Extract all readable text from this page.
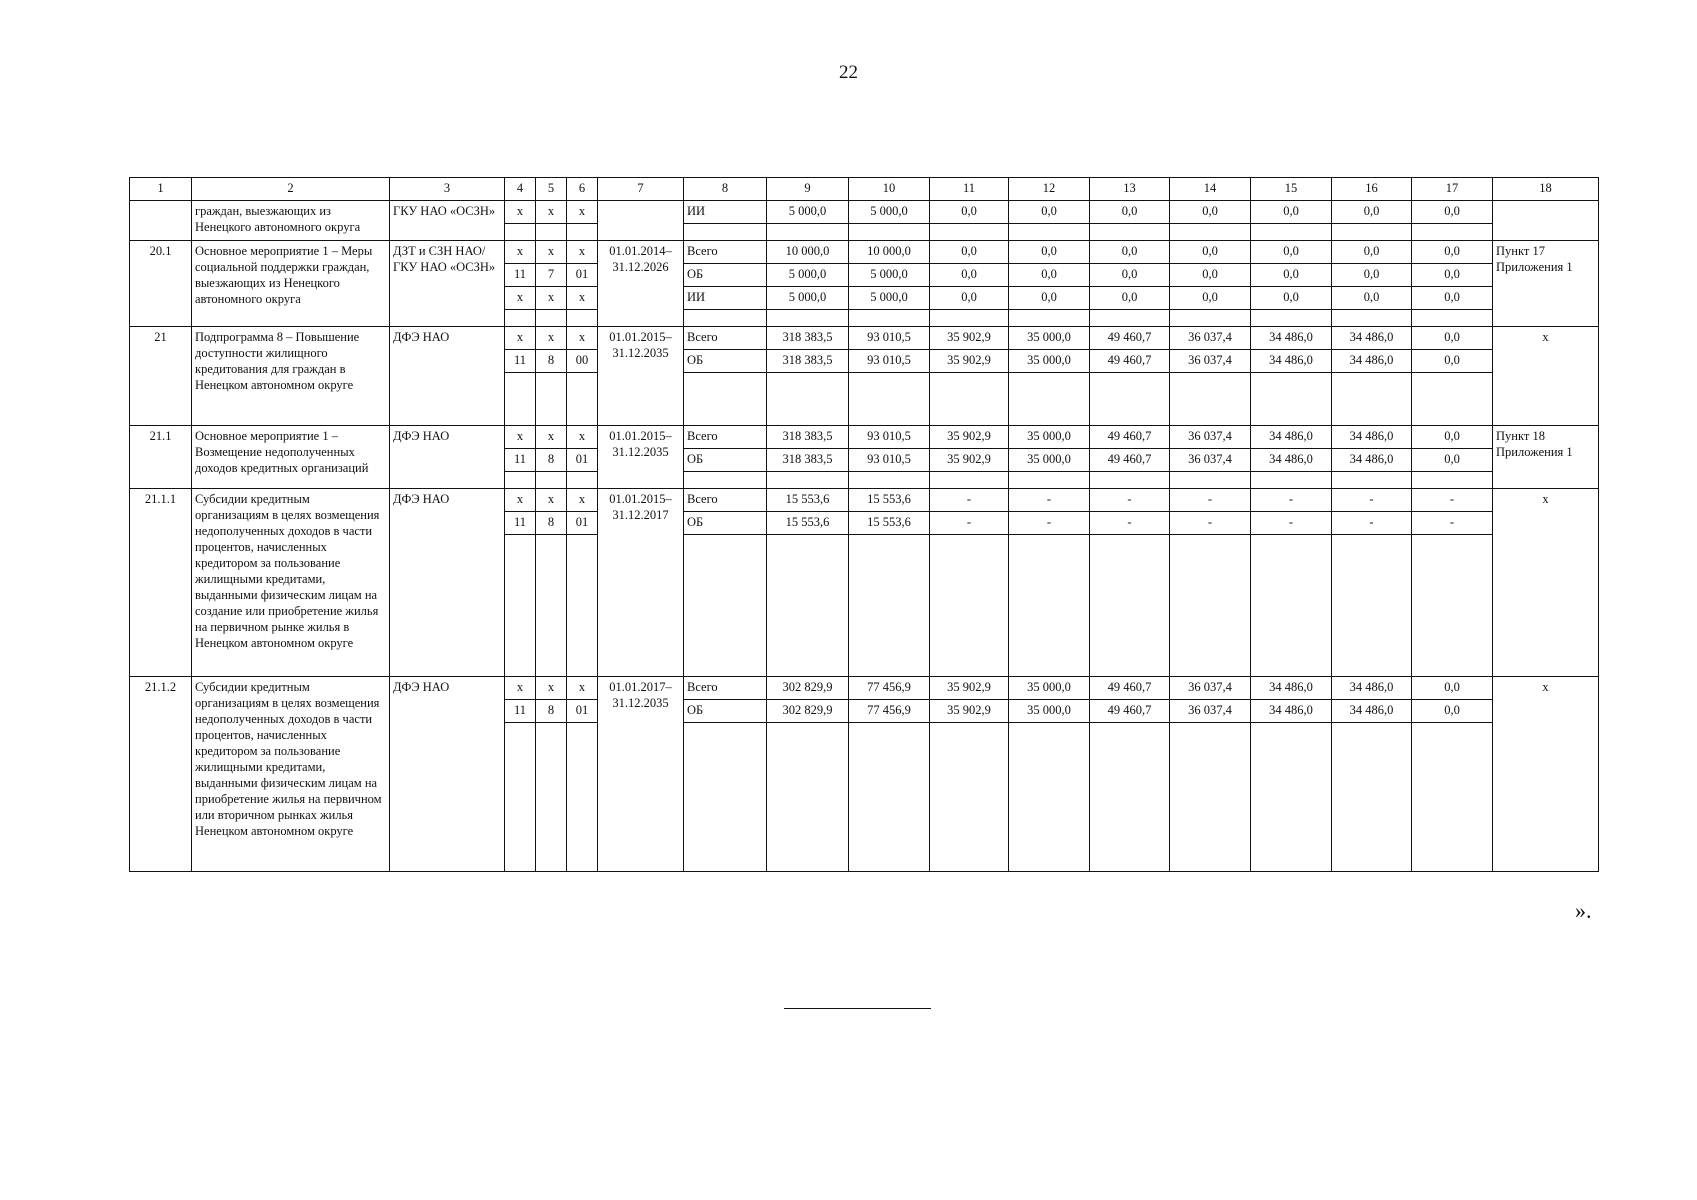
22
1	2	3	4	5	6	7	8	9	10	11	12	13	14	15	16	17	18	
	граждан, выезжающих из Ненецкого автономного округа	ГКУ НАО «ОСЗН»	х	х	х		ИИ	5 000,0	5 000,0	0,0	0,0	0,0	0,0	0,0	0,0	0,0		

20.1	Основное мероприятие 1 – Меры социальной поддержки граждан, выезжающих из Ненецкого автономного округа	ДЗТ и СЗН НАО/ ГКУ НАО «ОСЗН»	х	х	х	01.01.2014– 31.12.2026	Всего	10 000,0	10 000,0	0,0	0,0	0,0	0,0	0,0	0,0	0,0	Пункт 17 Приложения 1	
			11	7	01		ОБ	5 000,0	5 000,0	0,0	0,0	0,0	0,0	0,0	0,0	0,0		
			х	х	х		ИИ	5 000,0	5 000,0	0,0	0,0	0,0	0,0	0,0	0,0	0,0		

21	Подпрограмма 8 – Повышение доступности жилищного кредитования для граждан в Ненецком автономном округе	ДФЭ НАО	х	х	х	01.01.2015– 31.12.2035	Всего	318 383,5	93 010,5	35 902,9	35 000,0	49 460,7	36 037,4	34 486,0	34 486,0	0,0	х	
			11	8	00		ОБ	318 383,5	93 010,5	35 902,9	35 000,0	49 460,7	36 037,4	34 486,0	34 486,0	0,0		

21.1	Основное мероприятие 1 – Возмещение недополученных доходов кредитных организаций	ДФЭ НАО	х	х	х	01.01.2015– 31.12.2035	Всего	318 383,5	93 010,5	35 902,9	35 000,0	49 460,7	36 037,4	34 486,0	34 486,0	0,0	Пункт 18 Приложения 1	
			11	8	01		ОБ	318 383,5	93 010,5	35 902,9	35 000,0	49 460,7	36 037,4	34 486,0	34 486,0	0,0		

21.1.1	Субсидии кредитным организациям в целях возмещения недополученных доходов в части процентов, начисленных кредитором за пользование жилищными кредитами, выданными физическим лицам на создание или приобретение жилья на первичном рынке жилья в Ненецком автономном округе	ДФЭ НАО	х	х	х	01.01.2015– 31.12.2017	Всего	15 553,6	15 553,6	-	-	-	-	-	-	-	х	
			11	8	01		ОБ	15 553,6	15 553,6	-	-	-	-	-	-	-		

21.1.2	Субсидии кредитным организациям в целях возмещения недополученных доходов в части процентов, начисленных кредитором за пользование жилищными кредитами, выданными физическим лицам на приобретение жилья на первичном или вторичном рынках жилья Ненецком автономном округе	ДФЭ НАО	х	х	х	01.01.2017– 31.12.2035	Всего	302 829,9	77 456,9	35 902,9	35 000,0	49 460,7	36 037,4	34 486,0	34 486,0	0,0	х	
			11	8	01		ОБ	302 829,9	77 456,9	35 902,9	35 000,0	49 460,7	36 037,4	34 486,0	34 486,0	0,0		

».
